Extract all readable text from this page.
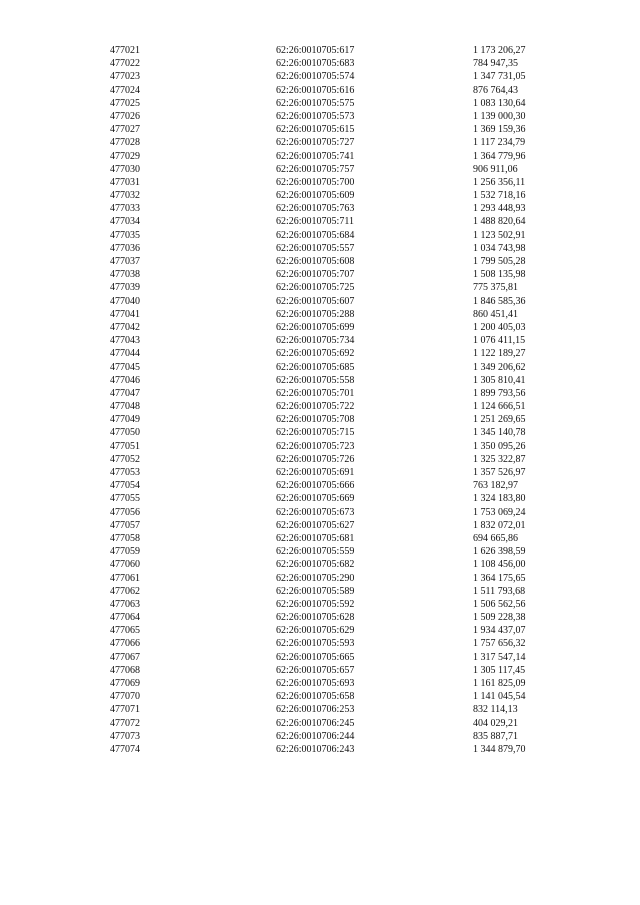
477021	62:26:0010705:617	1 173 206,27
477022	62:26:0010705:683	784 947,35
477023	62:26:0010705:574	1 347 731,05
477024	62:26:0010705:616	876 764,43
477025	62:26:0010705:575	1 083 130,64
477026	62:26:0010705:573	1 139 000,30
477027	62:26:0010705:615	1 369 159,36
477028	62:26:0010705:727	1 117 234,79
477029	62:26:0010705:741	1 364 779,96
477030	62:26:0010705:757	906 911,06
477031	62:26:0010705:700	1 256 356,11
477032	62:26:0010705:609	1 532 718,16
477033	62:26:0010705:763	1 293 448,93
477034	62:26:0010705:711	1 488 820,64
477035	62:26:0010705:684	1 123 502,91
477036	62:26:0010705:557	1 034 743,98
477037	62:26:0010705:608	1 799 505,28
477038	62:26:0010705:707	1 508 135,98
477039	62:26:0010705:725	775 375,81
477040	62:26:0010705:607	1 846 585,36
477041	62:26:0010705:288	860 451,41
477042	62:26:0010705:699	1 200 405,03
477043	62:26:0010705:734	1 076 411,15
477044	62:26:0010705:692	1 122 189,27
477045	62:26:0010705:685	1 349 206,62
477046	62:26:0010705:558	1 305 810,41
477047	62:26:0010705:701	1 899 793,56
477048	62:26:0010705:722	1 124 666,51
477049	62:26:0010705:708	1 251 269,65
477050	62:26:0010705:715	1 345 140,78
477051	62:26:0010705:723	1 350 095,26
477052	62:26:0010705:726	1 325 322,87
477053	62:26:0010705:691	1 357 526,97
477054	62:26:0010705:666	763 182,97
477055	62:26:0010705:669	1 324 183,80
477056	62:26:0010705:673	1 753 069,24
477057	62:26:0010705:627	1 832 072,01
477058	62:26:0010705:681	694 665,86
477059	62:26:0010705:559	1 626 398,59
477060	62:26:0010705:682	1 108 456,00
477061	62:26:0010705:290	1 364 175,65
477062	62:26:0010705:589	1 511 793,68
477063	62:26:0010705:592	1 506 562,56
477064	62:26:0010705:628	1 509 228,38
477065	62:26:0010705:629	1 934 437,07
477066	62:26:0010705:593	1 757 656,32
477067	62:26:0010705:665	1 317 547,14
477068	62:26:0010705:657	1 305 117,45
477069	62:26:0010705:693	1 161 825,09
477070	62:26:0010705:658	1 141 045,54
477071	62:26:0010706:253	832 114,13
477072	62:26:0010706:245	404 029,21
477073	62:26:0010706:244	835 887,71
477074	62:26:0010706:243	1 344 879,70
